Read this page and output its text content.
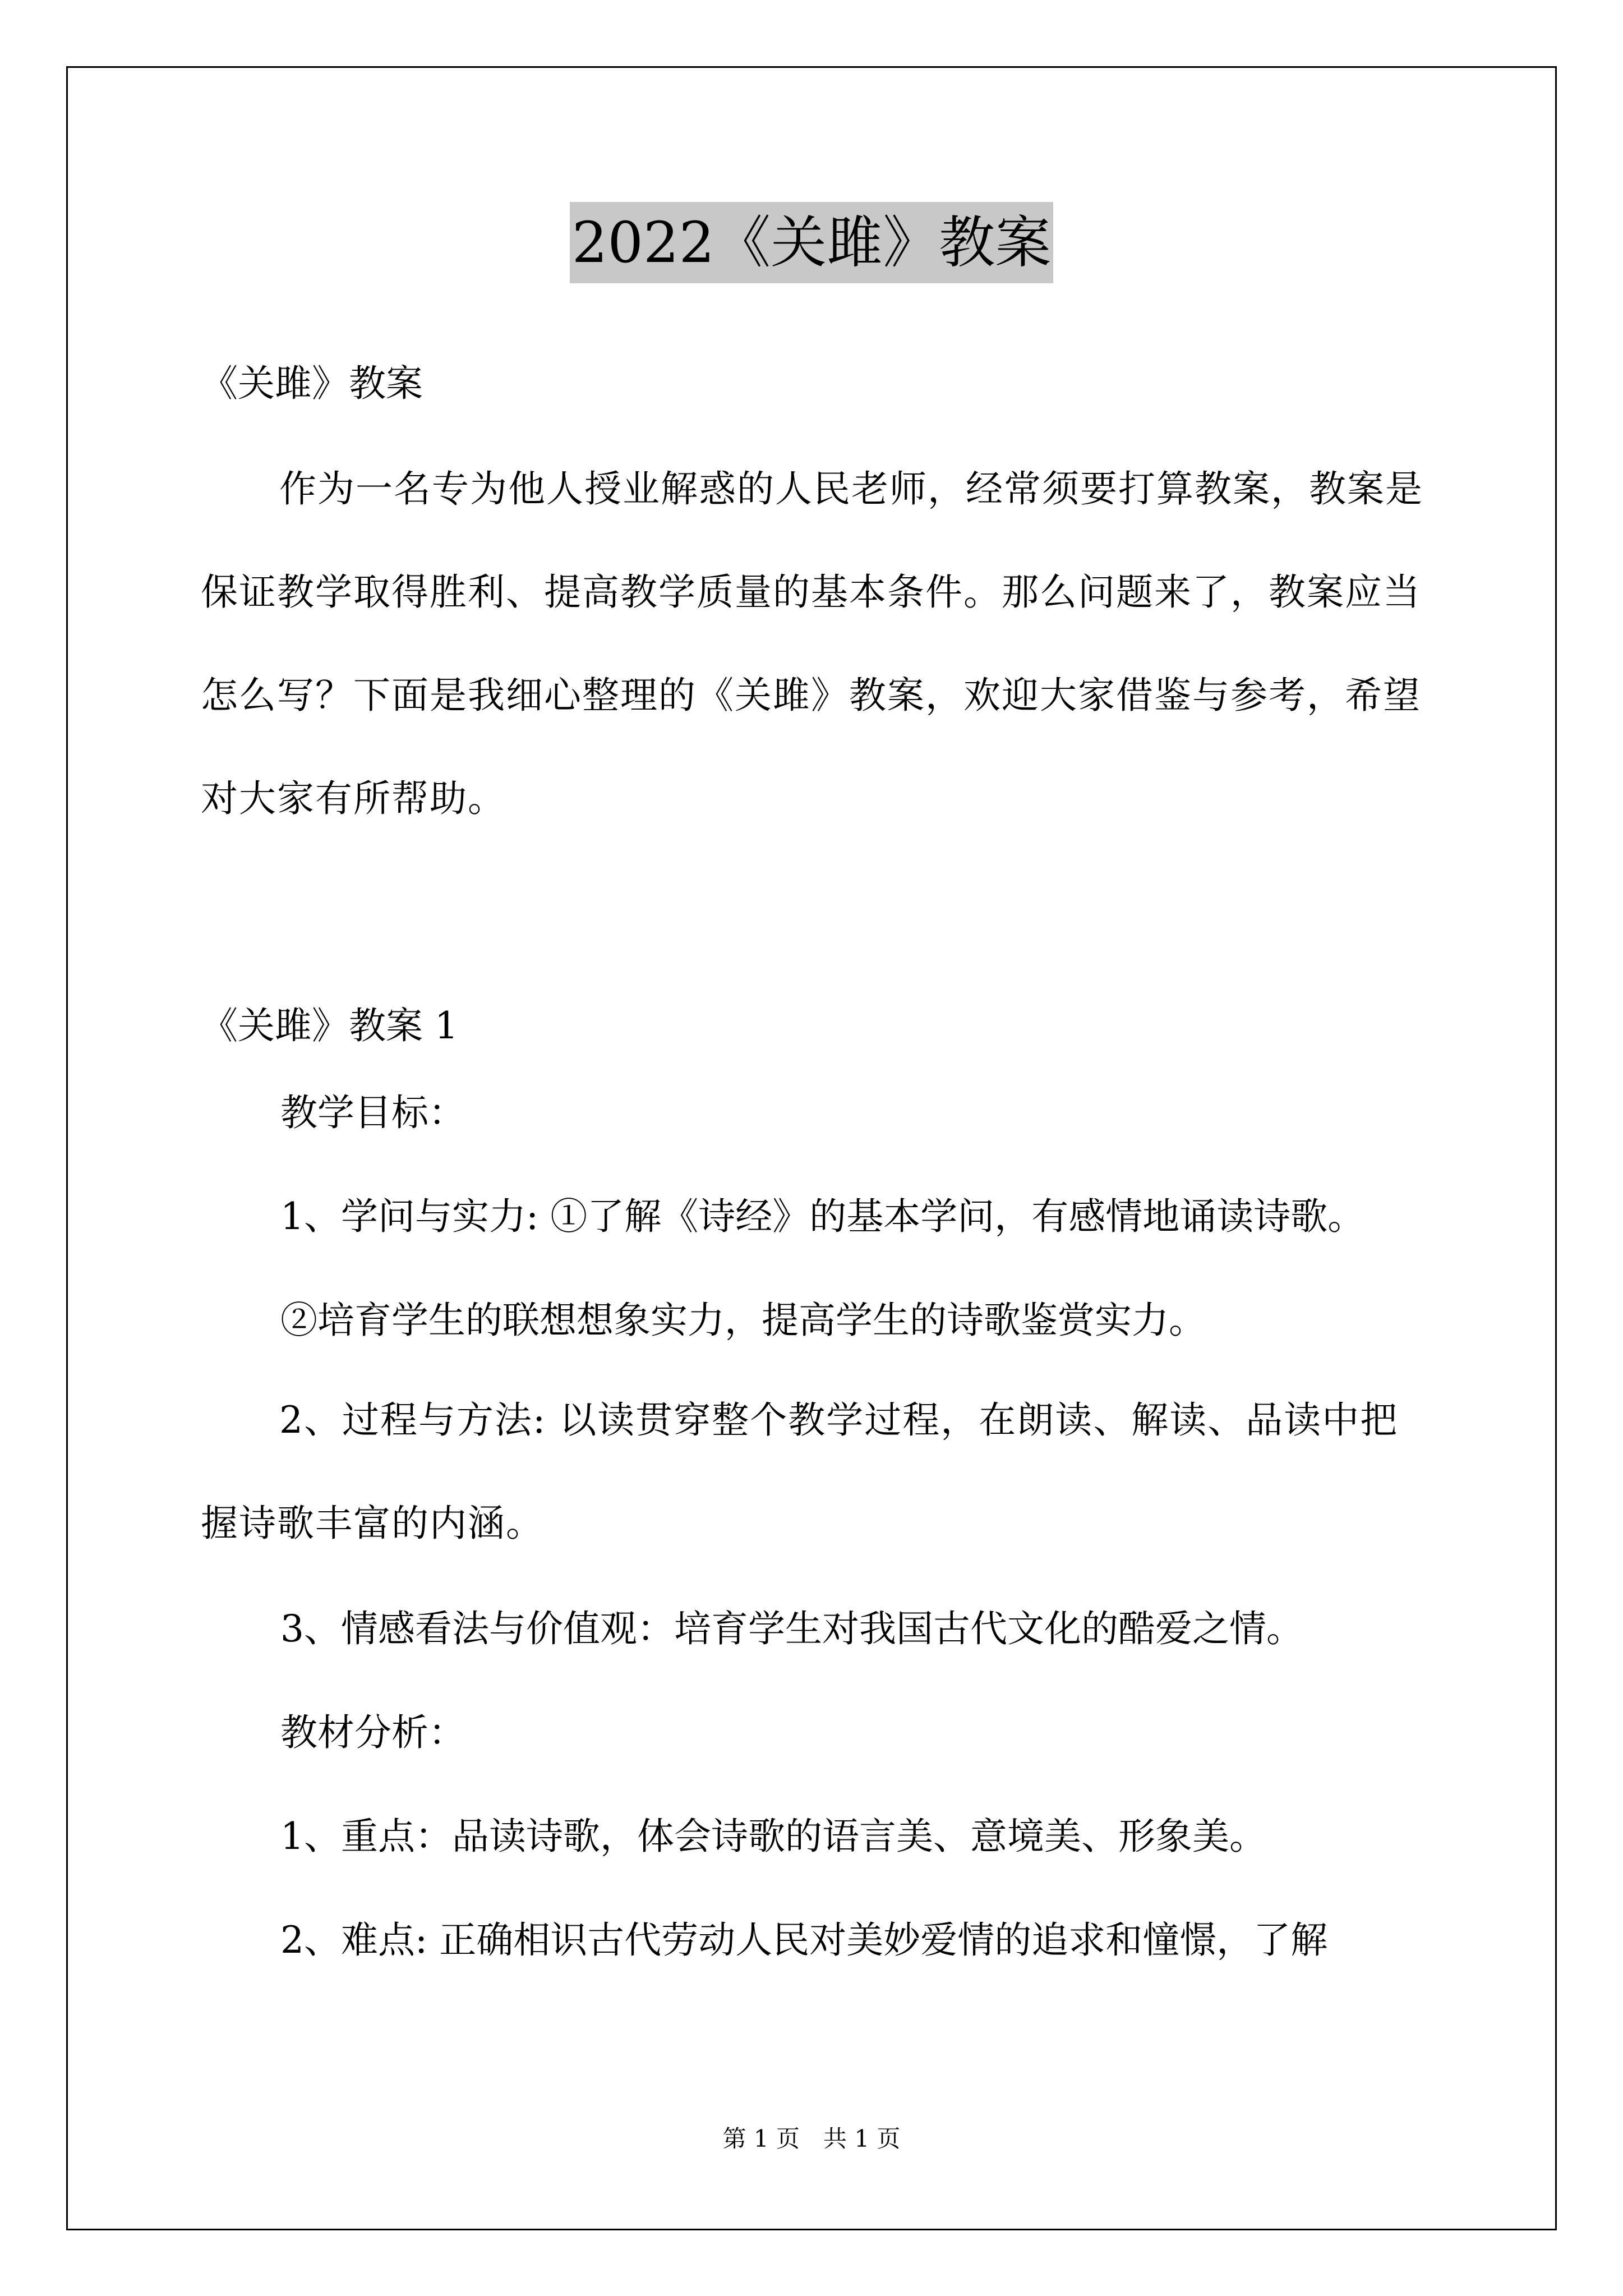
2022《关雎》教案

《关雎》教案

作为一名专为他人授业解惑的人民老师，经常须要打算教案，教案是保证教学取得胜利、提高教学质量的基本条件。那么问题来了，教案应当怎么写？下面是我细心整理的《关雎》教案，欢迎大家借鉴与参考，希望对大家有所帮助。

《关雎》教案 1

教学目标：

1、学问与实力: ①了解《诗经》的基本学问，有感情地诵读诗歌。

②培育学生的联想想象实力，提高学生的诗歌鉴赏实力。

2、过程与方法: 以读贯穿整个教学过程，在朗读、解读、品读中把握诗歌丰富的内涵。

3、情感看法与价值观：培育学生对我国古代文化的酷爱之情。

教材分析：

1、重点：品读诗歌，体会诗歌的语言美、意境美、形象美。

2、难点: 正确相识古代劳动人民对美妙爱情的追求和憧憬，了解

第 1 页　共 1 页
